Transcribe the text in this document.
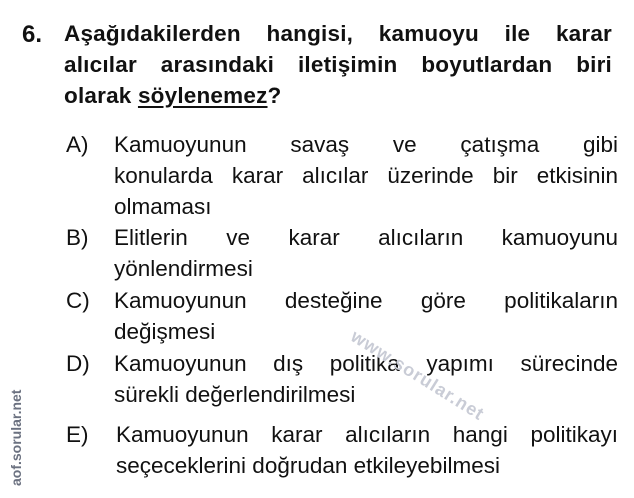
6. Aşağıdakilerden hangisi, kamuoyu ile karar alıcılar arasındaki iletişimin boyutlardan biri olarak söylenemez?
A) Kamuoyunun savaş ve çatışma gibi
konularda karar alıcılar üzerinde bir etkisinin olmaması
B) Elitlerin ve karar alıcıların kamuoyunu
yönlendirmesi
C) Kamuoyunun desteğine göre politikaların
değişmesi
D) Kamuoyunun dış politika yapımı sürecinde
sürekli değerlendirilmesi
E) Kamuoyunun karar alıcıların hangi politikayı
seçeceklerini doğrudan etkileyebilmesi
www.sorular.net
aof.sorular.net
